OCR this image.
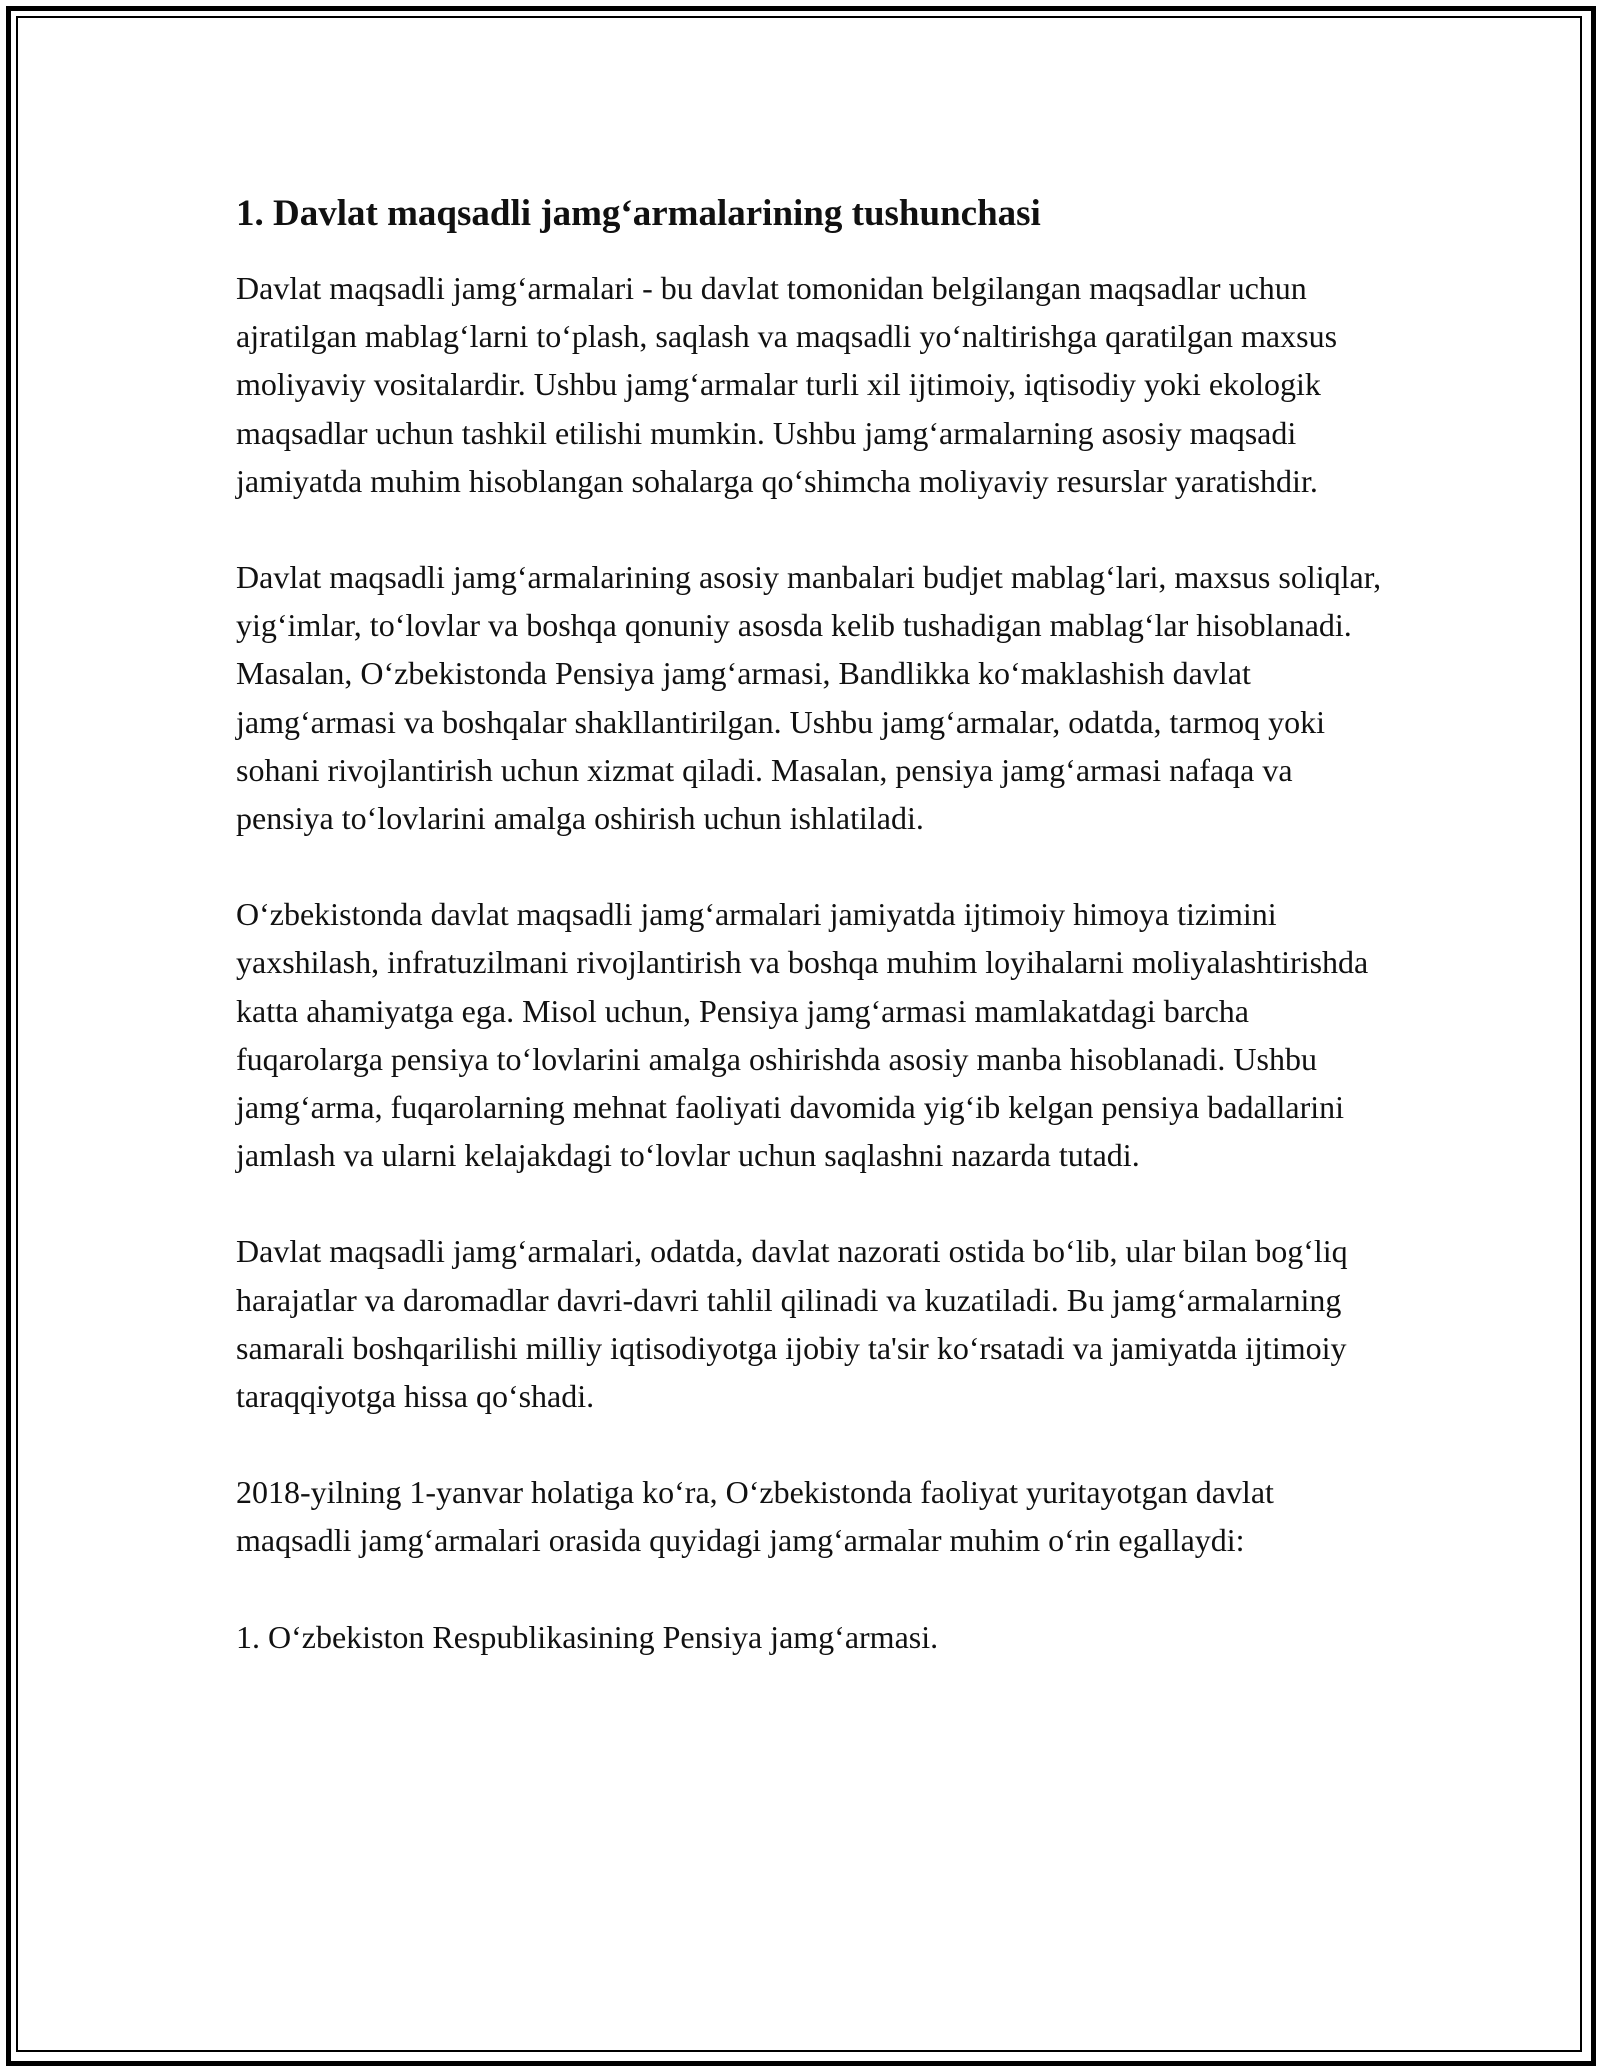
1. Davlat maqsadli jamg‘armalarining tushunchasi

Davlat maqsadli jamg‘armalari - bu davlat tomonidan belgilangan maqsadlar uchun ajratilgan mablag‘larni to‘plash, saqlash va maqsadli yo‘naltirishga qaratilgan maxsus moliyaviy vositalardir. Ushbu jamg‘armalar turli xil ijtimoiy, iqtisodiy yoki ekologik maqsadlar uchun tashkil etilishi mumkin. Ushbu jamg‘armalarning asosiy maqsadi jamiyatda muhim hisoblangan sohalarga qo‘shimcha moliyaviy resurslar yaratishdir.

Davlat maqsadli jamg‘armalarining asosiy manbalari budjet mablag‘lari, maxsus soliqlar, yig‘imlar, to‘lovlar va boshqa qonuniy asosda kelib tushadigan mablag‘lar hisoblanadi. Masalan, O‘zbekistonda Pensiya jamg‘armasi, Bandlikka ko‘maklashish davlat jamg‘armasi va boshqalar shakllantirilgan. Ushbu jamg‘armalar, odatda, tarmoq yoki sohani rivojlantirish uchun xizmat qiladi. Masalan, pensiya jamg‘armasi nafaqa va pensiya to‘lovlarini amalga oshirish uchun ishlatiladi.

O‘zbekistonda davlat maqsadli jamg‘armalari jamiyatda ijtimoiy himoya tizimini yaxshilash, infratuzilmani rivojlantirish va boshqa muhim loyihalarni moliyalashtirishda katta ahamiyatga ega. Misol uchun, Pensiya jamg‘armasi mamlakatdagi barcha fuqarolarga pensiya to‘lovlarini amalga oshirishda asosiy manba hisoblanadi. Ushbu jamg‘arma, fuqarolarning mehnat faoliyati davomida yig‘ib kelgan pensiya badallarini jamlash va ularni kelajakdagi to‘lovlar uchun saqlashni nazarda tutadi.

Davlat maqsadli jamg‘armalari, odatda, davlat nazorati ostida bo‘lib, ular bilan bog‘liq harajatlar va daromadlar davri-davri tahlil qilinadi va kuzatiladi. Bu jamg‘armalarning samarali boshqarilishi milliy iqtisodiyotga ijobiy ta'sir ko‘rsatadi va jamiyatda ijtimoiy taraqqiyotga hissa qo‘shadi.

2018-yilning 1-yanvar holatiga ko‘ra, O‘zbekistonda faoliyat yuritayotgan davlat maqsadli jamg‘armalari orasida quyidagi jamg‘armalar muhim o‘rin egallaydi:

1. O‘zbekiston Respublikasining Pensiya jamg‘armasi.
